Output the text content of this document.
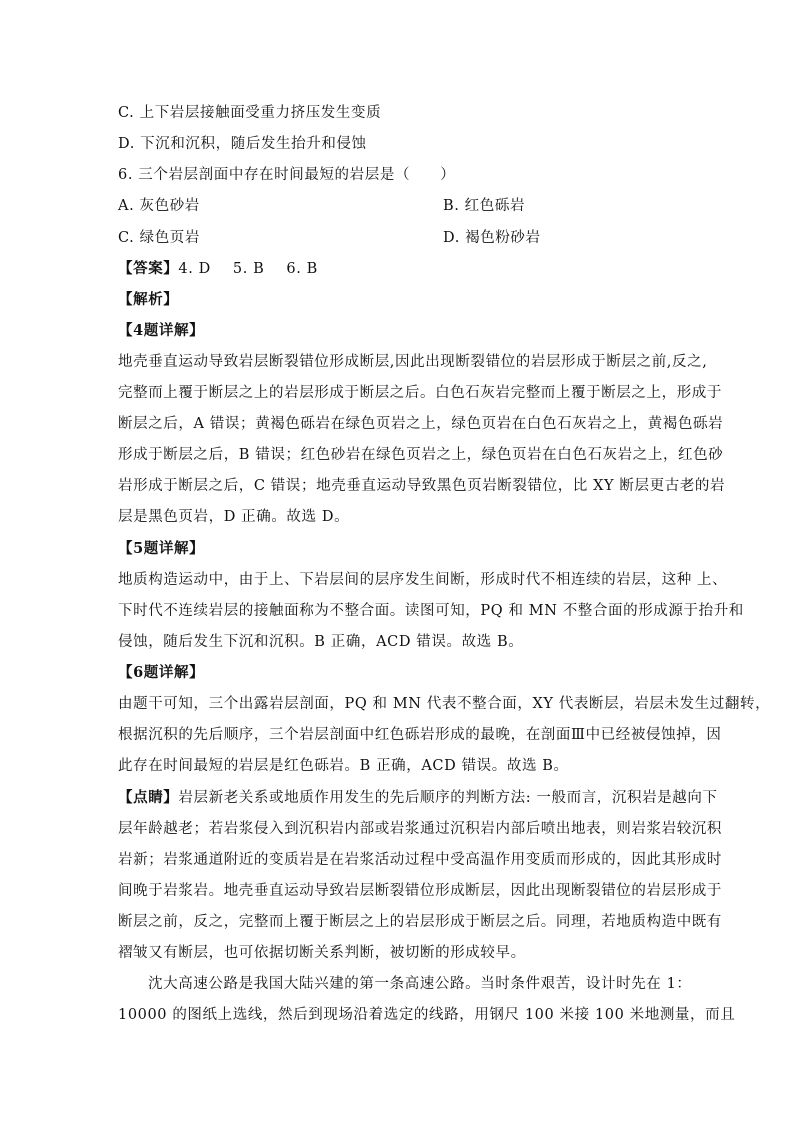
C. 上下岩层接触面受重力挤压发生变质
D. 下沉和沉积，随后发生抬升和侵蚀
6. 三个岩层剖面中存在时间最短的岩层是（　　）
A. 灰色砂岩	B. 红色砾岩
C. 绿色页岩	D. 褐色粉砂岩
【答案】4. D 5. B 6. B
【解析】
【4题详解】
地壳垂直运动导致岩层断裂错位形成断层,因此出现断裂错位的岩层形成于断层之前,反之,
完整而上覆于断层之上的岩层形成于断层之后。白色石灰岩完整而上覆于断层之上，形成于
断层之后，A 错误；黄褐色砾岩在绿色页岩之上，绿色页岩在白色石灰岩之上，黄褐色砾岩
形成于断层之后，B 错误；红色砂岩在绿色页岩之上，绿色页岩在白色石灰岩之上，红色砂
岩形成于断层之后，C 错误；地壳垂直运动导致黑色页岩断裂错位，比 XY 断层更古老的岩
层是黑色页岩，D 正确。故选 D。
【5题详解】
地质构造运动中，由于上、下岩层间的层序发生间断，形成时代不相连续的岩层，这种 上、
下时代不连续岩层的接触面称为不整合面。读图可知，PQ 和 MN 不整合面的形成源于抬升和
侵蚀，随后发生下沉和沉积。B 正确，ACD 错误。故选 B。
【6题详解】
由题干可知，三个出露岩层剖面，PQ 和 MN 代表不整合面，XY 代表断层，岩层未发生过翻转，
根据沉积的先后顺序，三个岩层剖面中红色砾岩形成的最晚，在剖面Ⅲ中已经被侵蚀掉，因
此存在时间最短的岩层是红色砾岩。B 正确，ACD 错误。故选 B。
【点睛】岩层新老关系或地质作用发生的先后顺序的判断方法: 一般而言，沉积岩是越向下
层年龄越老；若岩浆侵入到沉积岩内部或岩浆通过沉积岩内部后喷出地表，则岩浆岩较沉积
岩新；岩浆通道附近的变质岩是在岩浆活动过程中受高温作用变质而形成的，因此其形成时
间晚于岩浆岩。地壳垂直运动导致岩层断裂错位形成断层，因此出现断裂错位的岩层形成于
断层之前，反之，完整而上覆于断层之上的岩层形成于断层之后。同理，若地质构造中既有
褶皱又有断层，也可依据切断关系判断，被切断的形成较早。
沈大高速公路是我国大陆兴建的第一条高速公路。当时条件艰苦，设计时先在 1：
10000 的图纸上选线，然后到现场沿着选定的线路，用钢尺 100 米接 100 米地测量，而且
